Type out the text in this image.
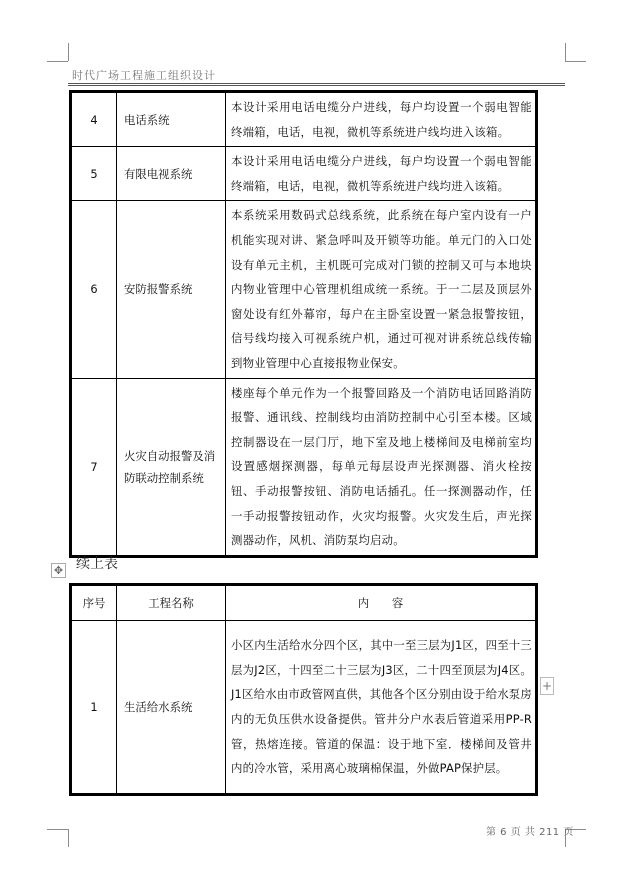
时代广场工程施工组织设计
4	电话系统	本设计采用电话电缆分户进线，每户均设置一个弱电智能终端箱，电话，电视，微机等系统进户线均进入该箱。
5	有限电视系统	本设计采用电话电缆分户进线，每户均设置一个弱电智能终端箱，电话，电视，微机等系统进户线均进入该箱。
6	安防报警系统	本系统采用数码式总线系统，此系统在每户室内设有一户机能实现对讲、紧急呼叫及开锁等功能。单元门的入口处设有单元主机，主机既可完成对门锁的控制又可与本地块内物业管理中心管理机组成统一系统。于一二层及顶层外窗处设有红外幕帘，每户在主卧室设置一紧急报警按钮，信号线均接入可视系统户机，通过可视对讲系统总线传输到物业管理中心直接报物业保安。
7	火灾自动报警及消防联动控制系统	楼座每个单元作为一个报警回路及一个消防电话回路消防报警、通讯线、控制线均由消防控制中心引至本楼。区域控制器设在一层门厅，地下室及地上楼梯间及电梯前室均设置感烟探测器，每单元每层设声光探测器、消火栓按钮、手动报警按钮、消防电话插孔。任一探测器动作，任一手动报警按钮动作，火灾均报警。火灾发生后，声光探测器动作，风机、消防泵均启动。
续上表
✥
序号	工程名称	内　　容
1	生活给水系统	小区内生活给水分四个区，其中一至三层为J1区，四至十三层为J2区，十四至二十三层为J3区，二十四至顶层为J4区。J1区给水由市政管网直供，其他各个区分别由设于给水泵房内的无负压供水设备提供。管井分户水表后管道采用PP-R管，热熔连接。管道的保温：设于地下室．楼梯间及管井内的冷水管，采用离心玻璃棉保温，外做PAP保护层。
+
第 6 页 共 211 页
